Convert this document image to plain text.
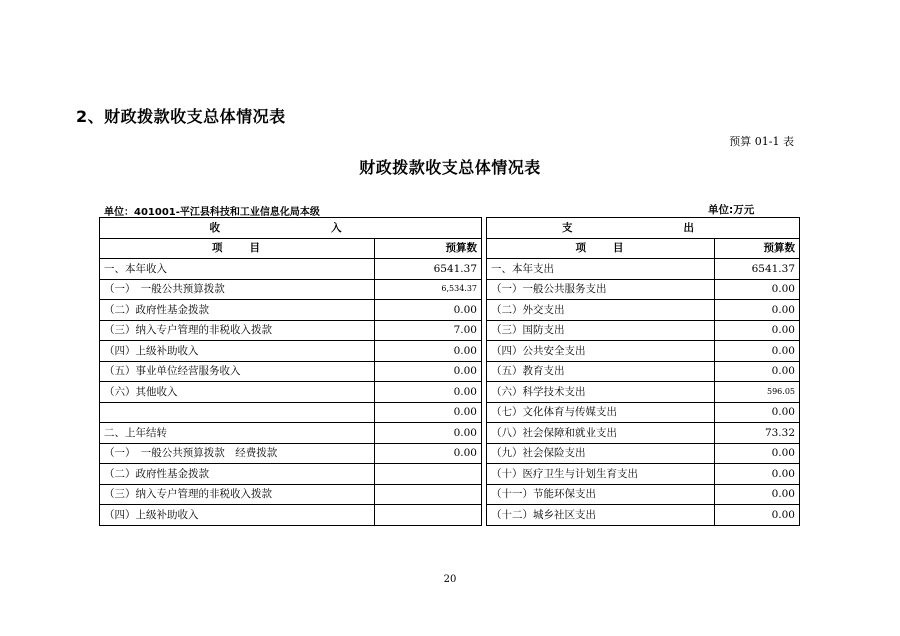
2、财政拨款收支总体情况表
预算 01-1 表
财政拨款收支总体情况表
单位：401001-平江县科技和工业信息化局本级	单位:万元
收　　入			支　　出	
项　　目	预算数		项　　目	预算数
一、本年收入	6541.37		一、本年支出	6541.37
（一）　一般公共预算拨款	6,534.37		（一）一般公共服务支出	0.00
（二）政府性基金拨款	0.00		（二）外交支出	0.00
（三）纳入专户管理的非税收入拨款	7.00		（三）国防支出	0.00
（四）上级补助收入	0.00		（四）公共安全支出	0.00
（五）事业单位经营服务收入	0.00		（五）教育支出	0.00
（六）其他收入	0.00		（六）科学技术支出	596.05
	0.00		（七）文化体育与传媒支出	0.00
二、上年结转	0.00		（八）社会保障和就业支出	73.32
（一）　一般公共预算拨款　经费拨款	0.00		（九）社会保险支出	0.00
（二）政府性基金拨款			（十）医疗卫生与计划生育支出	0.00
（三）纳入专户管理的非税收入拨款			（十一）节能环保支出	0.00
（四）上级补助收入			（十二）城乡社区支出	0.00
20
